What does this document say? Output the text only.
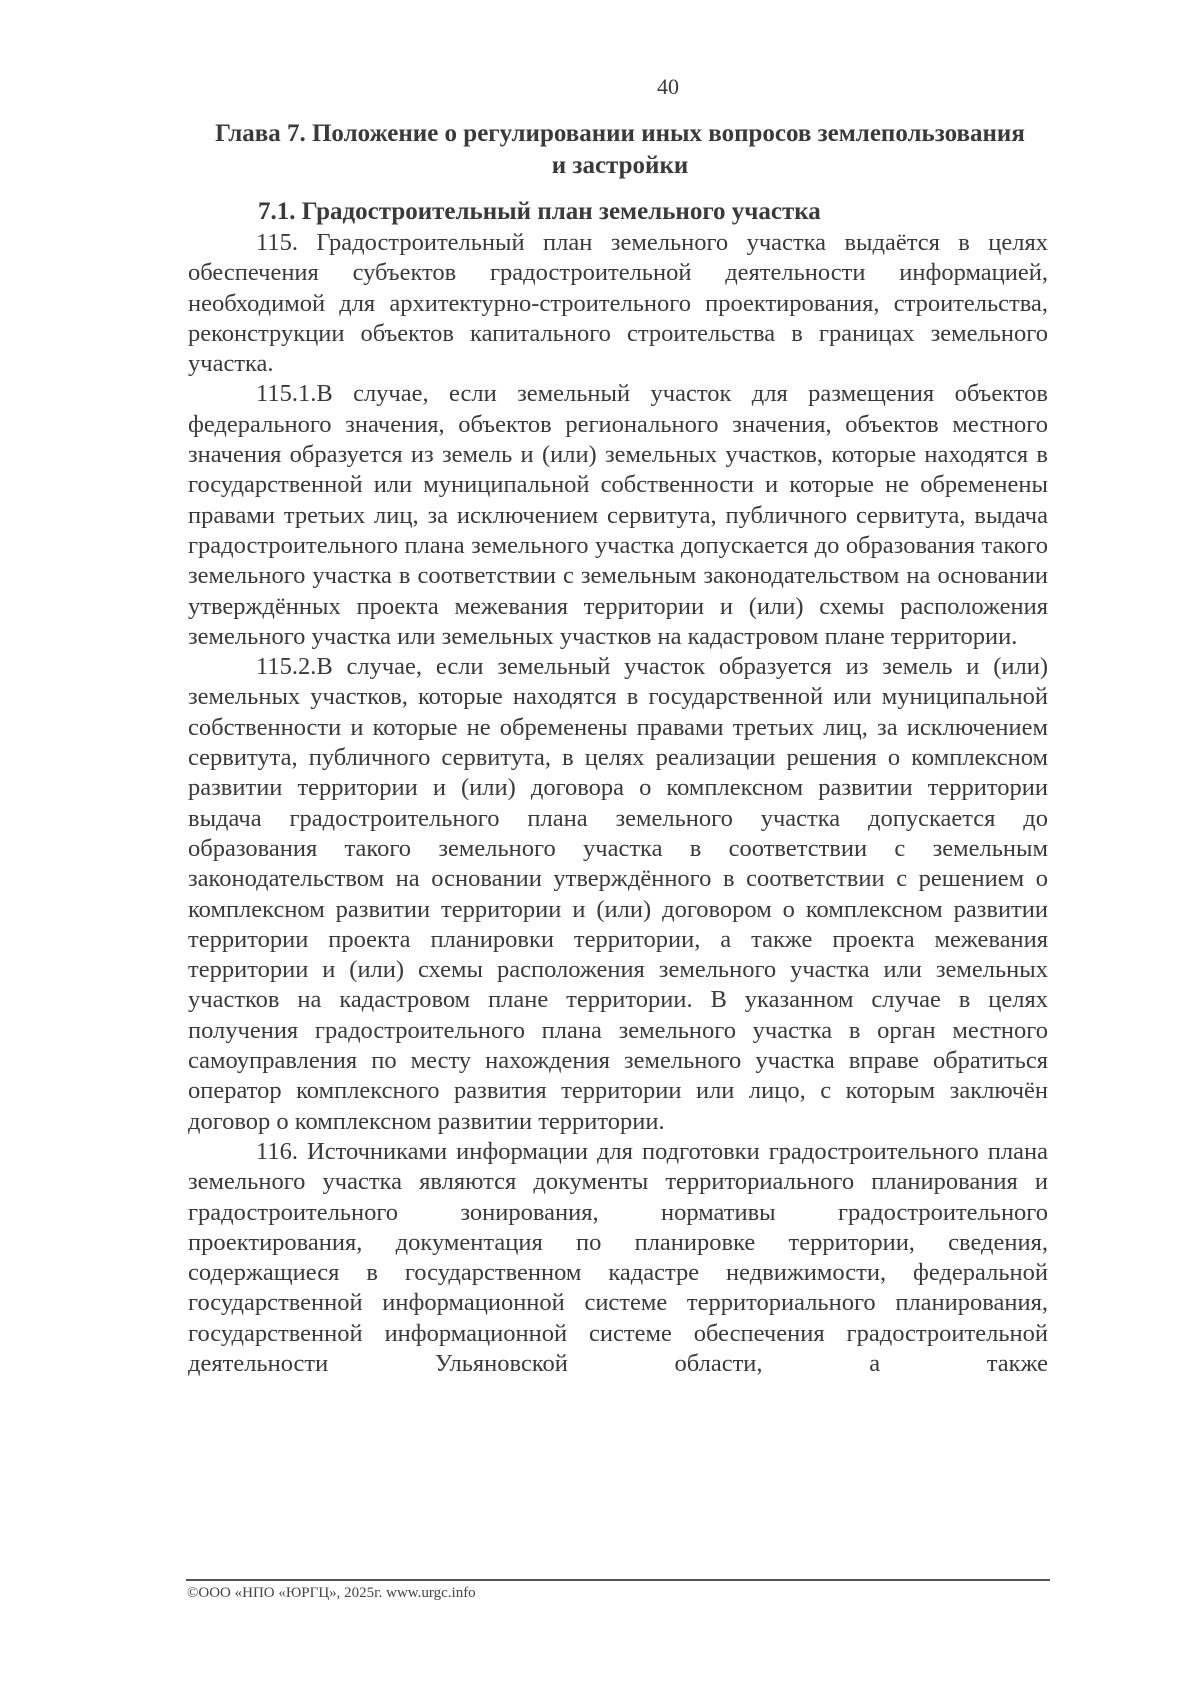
40
Глава 7. Положение о регулировании иных вопросов землепользования
и застройки
7.1. Градостроительный план земельного участка

115. Градостроительный план земельного участка выдаётся в целях обеспечения субъектов градостроительной деятельности информацией, необходимой для архитектурно-строительного проектирования, строительства, реконструкции объектов капитального строительства в границах земельного участка.

115.1.В случае, если земельный участок для размещения объектов федерального значения, объектов регионального значения, объектов местного значения образуется из земель и (или) земельных участков, которые находятся в государственной или муниципальной собственности и которые не обременены правами третьих лиц, за исключением сервитута, публичного сервитута, выдача градостроительного плана земельного участка допускается до образования такого земельного участка в соответствии с земельным законодательством на основании утверждённых проекта межевания территории и (или) схемы расположения земельного участка или земельных участков на кадастровом плане территории.

115.2.В случае, если земельный участок образуется из земель и (или) земельных участков, которые находятся в государственной или муниципальной собственности и которые не обременены правами третьих лиц, за исключением сервитута, публичного сервитута, в целях реализации решения о комплексном развитии территории и (или) договора о комплексном развитии территории выдача градостроительного плана земельного участка допускается до образования такого земельного участка в соответствии с земельным законодательством на основании утверждённого в соответствии с решением о комплексном развитии территории и (или) договором о комплексном развитии территории проекта планировки территории, а также проекта межевания территории и (или) схемы расположения земельного участка или земельных участков на кадастровом плане территории. В указанном случае в целях получения градостроительного плана земельного участка в орган местного самоуправления по месту нахождения земельного участка вправе обратиться оператор комплексного развития территории или лицо, с которым заключён договор о комплексном развитии территории.

116. Источниками информации для подготовки градостроительного плана земельного участка являются документы территориального планирования и градостроительного зонирования, нормативы градостроительного проектирования, документация по планировке территории, сведения, содержащиеся в государственном кадастре недвижимости, федеральной государственной информационной системе территориального планирования, государственной информационной системе обеспечения градостроительной деятельности Ульяновской области, а также

©ООО «НПО «ЮРГЦ», 2025г. www.urgc.info
